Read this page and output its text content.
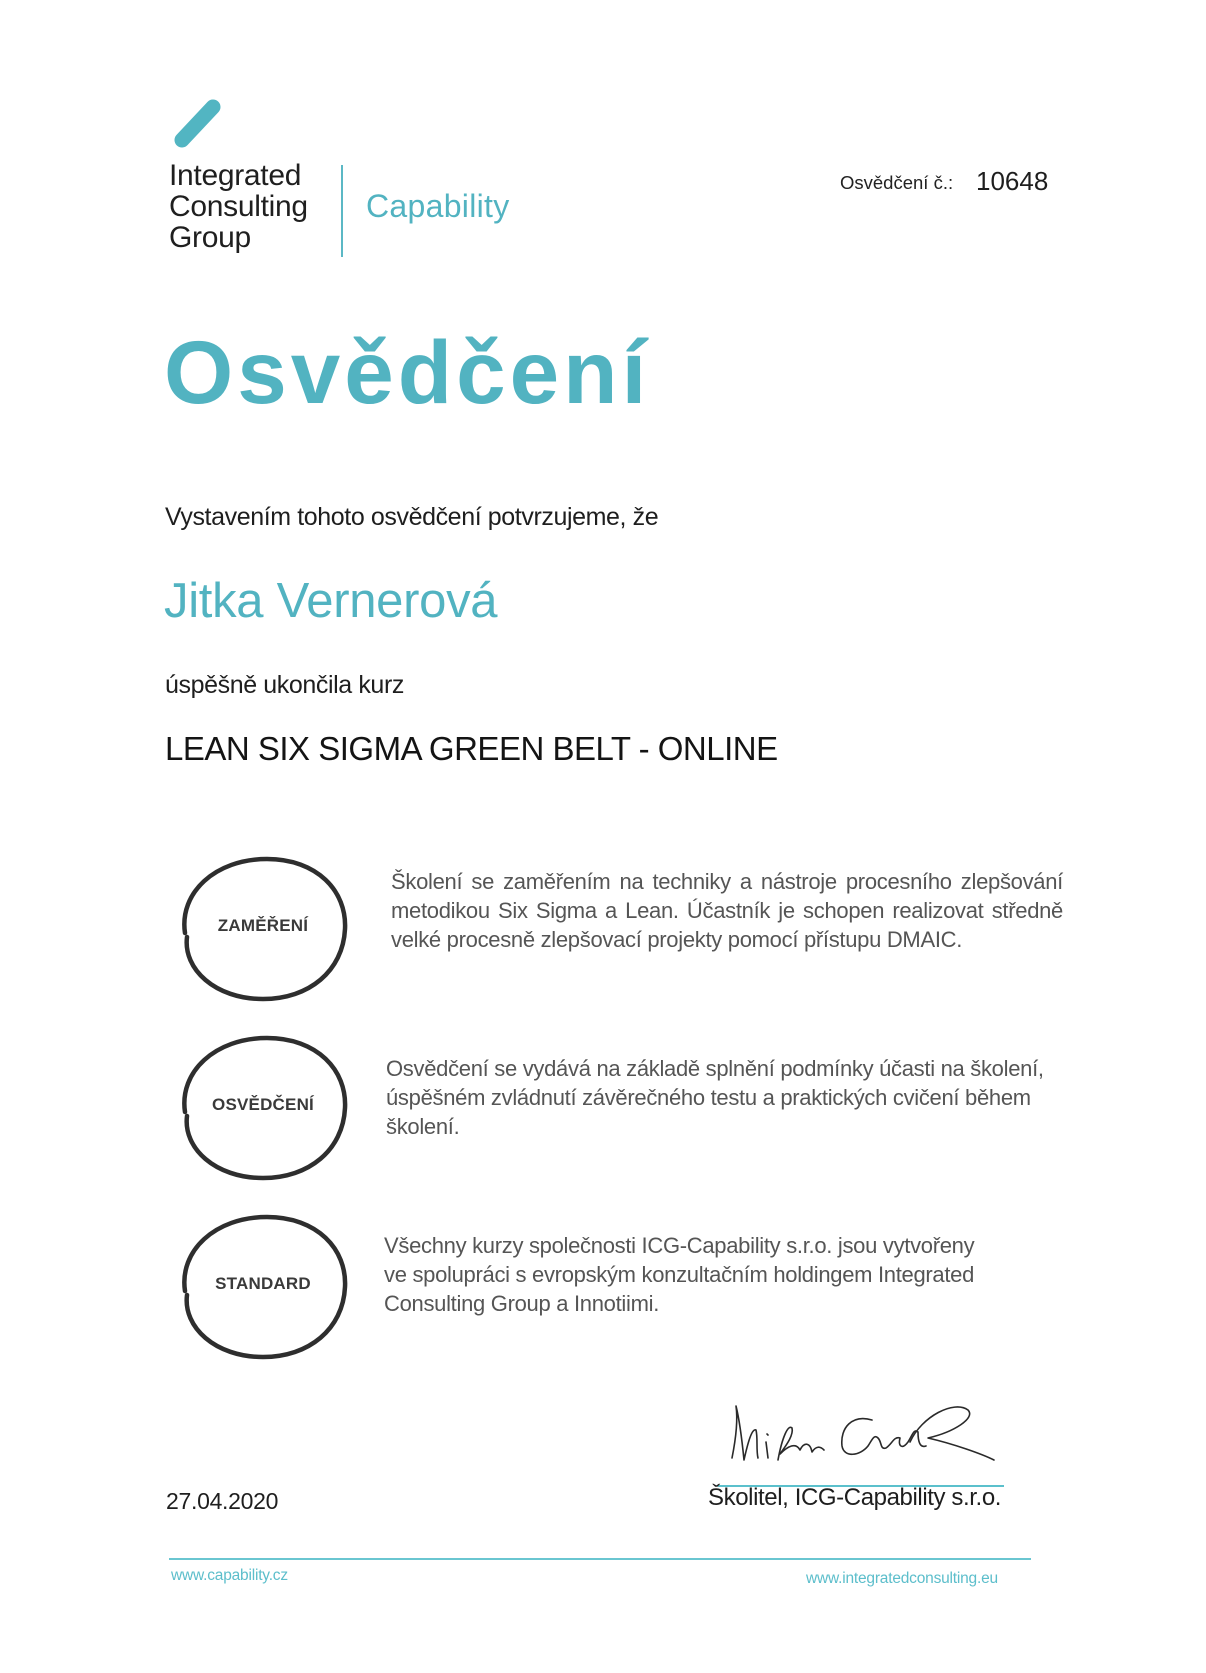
Integrated
Consulting
Group
Capability
Osvědčení č.: 10648
Osvědčení
Vystavením tohoto osvědčení potvrzujeme, že
Jitka Vernerová
úspěšně ukončila kurz
LEAN SIX SIGMA GREEN BELT - ONLINE
ZAMĚŘENÍ
Školení se zaměřením na techniky a nástroje procesního zlepšování metodikou Six Sigma a Lean. Účastník je schopen realizovat středně velké procesně zlepšovací projekty pomocí přístupu DMAIC.
OSVĚDČENÍ
Osvědčení se vydává na základě splnění podmínky účasti na školení, úspěšném zvládnutí závěrečného testu a praktických cvičení během školení.
STANDARD
Všechny kurzy společnosti ICG-Capability s.r.o. jsou vytvořeny ve spolupráci s evropským konzultačním holdingem Integrated Consulting Group a Innotiimi.
Školitel, ICG-Capability s.r.o.
27.04.2020
www.capability.cz	www.integratedconsulting.eu
